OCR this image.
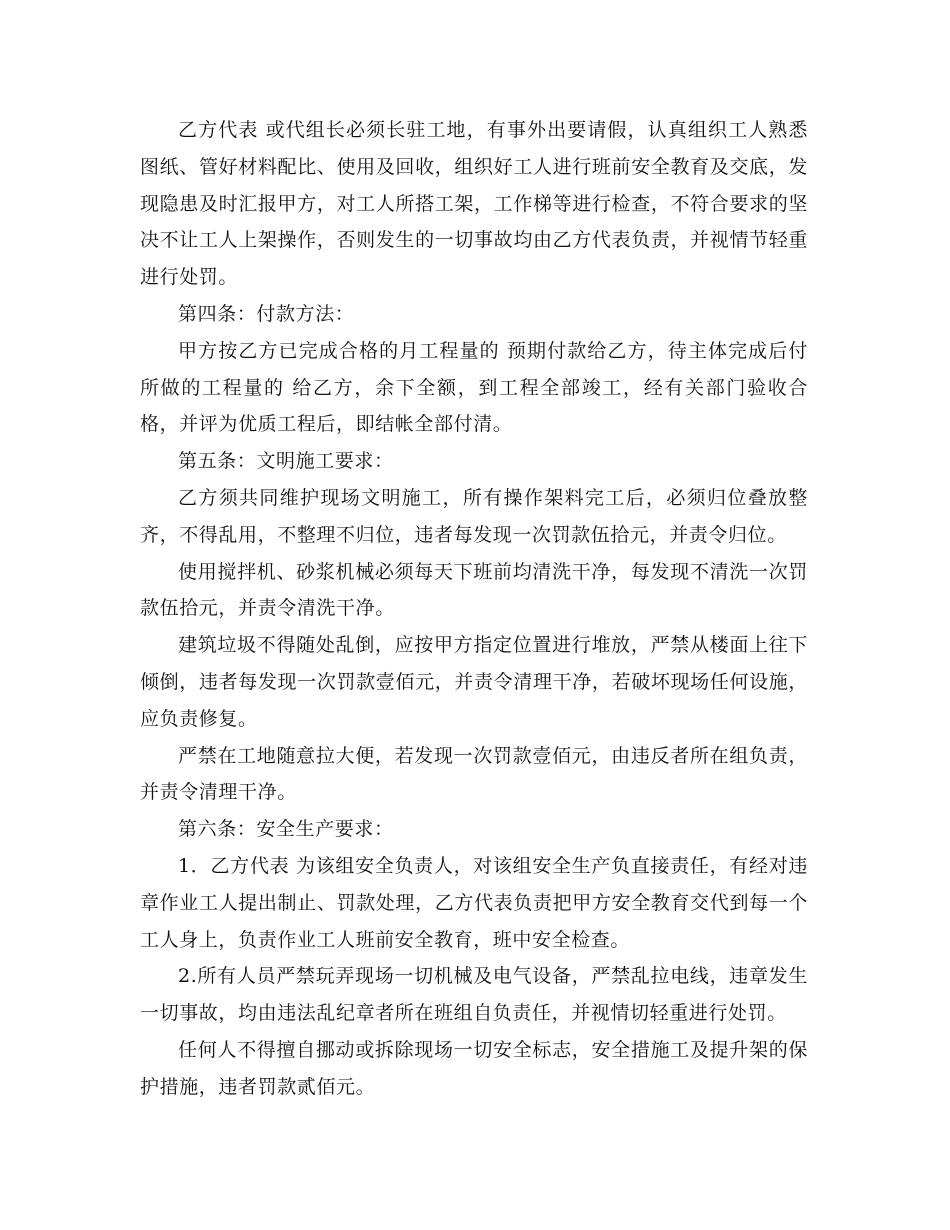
乙方代表 或代组长必须长驻工地，有事外出要请假，认真组织工人熟悉图纸、管好材料配比、使用及回收，组织好工人进行班前安全教育及交底，发现隐患及时汇报甲方，对工人所搭工架，工作梯等进行检查，不符合要求的坚决不让工人上架操作，否则发生的一切事故均由乙方代表负责，并视情节轻重进行处罚。

第四条：付款方法：

甲方按乙方已完成合格的月工程量的 预期付款给乙方，待主体完成后付所做的工程量的 给乙方，余下全额，到工程全部竣工，经有关部门验收合格，并评为优质工程后，即结帐全部付清。

第五条：文明施工要求：

乙方须共同维护现场文明施工，所有操作架料完工后，必须归位叠放整齐，不得乱用，不整理不归位，违者每发现一次罚款伍拾元，并责令归位。

使用搅拌机、砂浆机械必须每天下班前均清洗干净，每发现不清洗一次罚款伍拾元，并责令清洗干净。

建筑垃圾不得随处乱倒，应按甲方指定位置进行堆放，严禁从楼面上往下倾倒，违者每发现一次罚款壹佰元，并责令清理干净，若破坏现场任何设施，应负责修复。

严禁在工地随意拉大便，若发现一次罚款壹佰元，由违反者所在组负责，并责令清理干净。

第六条：安全生产要求：

1．乙方代表 为该组安全负责人，对该组安全生产负直接责任，有经对违章作业工人提出制止、罚款处理，乙方代表负责把甲方安全教育交代到每一个工人身上，负责作业工人班前安全教育，班中安全检查。

2.所有人员严禁玩弄现场一切机械及电气设备，严禁乱拉电线，违章发生一切事故，均由违法乱纪章者所在班组自负责任，并视情切轻重进行处罚。

任何人不得擅自挪动或拆除现场一切安全标志，安全措施工及提升架的保护措施，违者罚款贰佰元。
